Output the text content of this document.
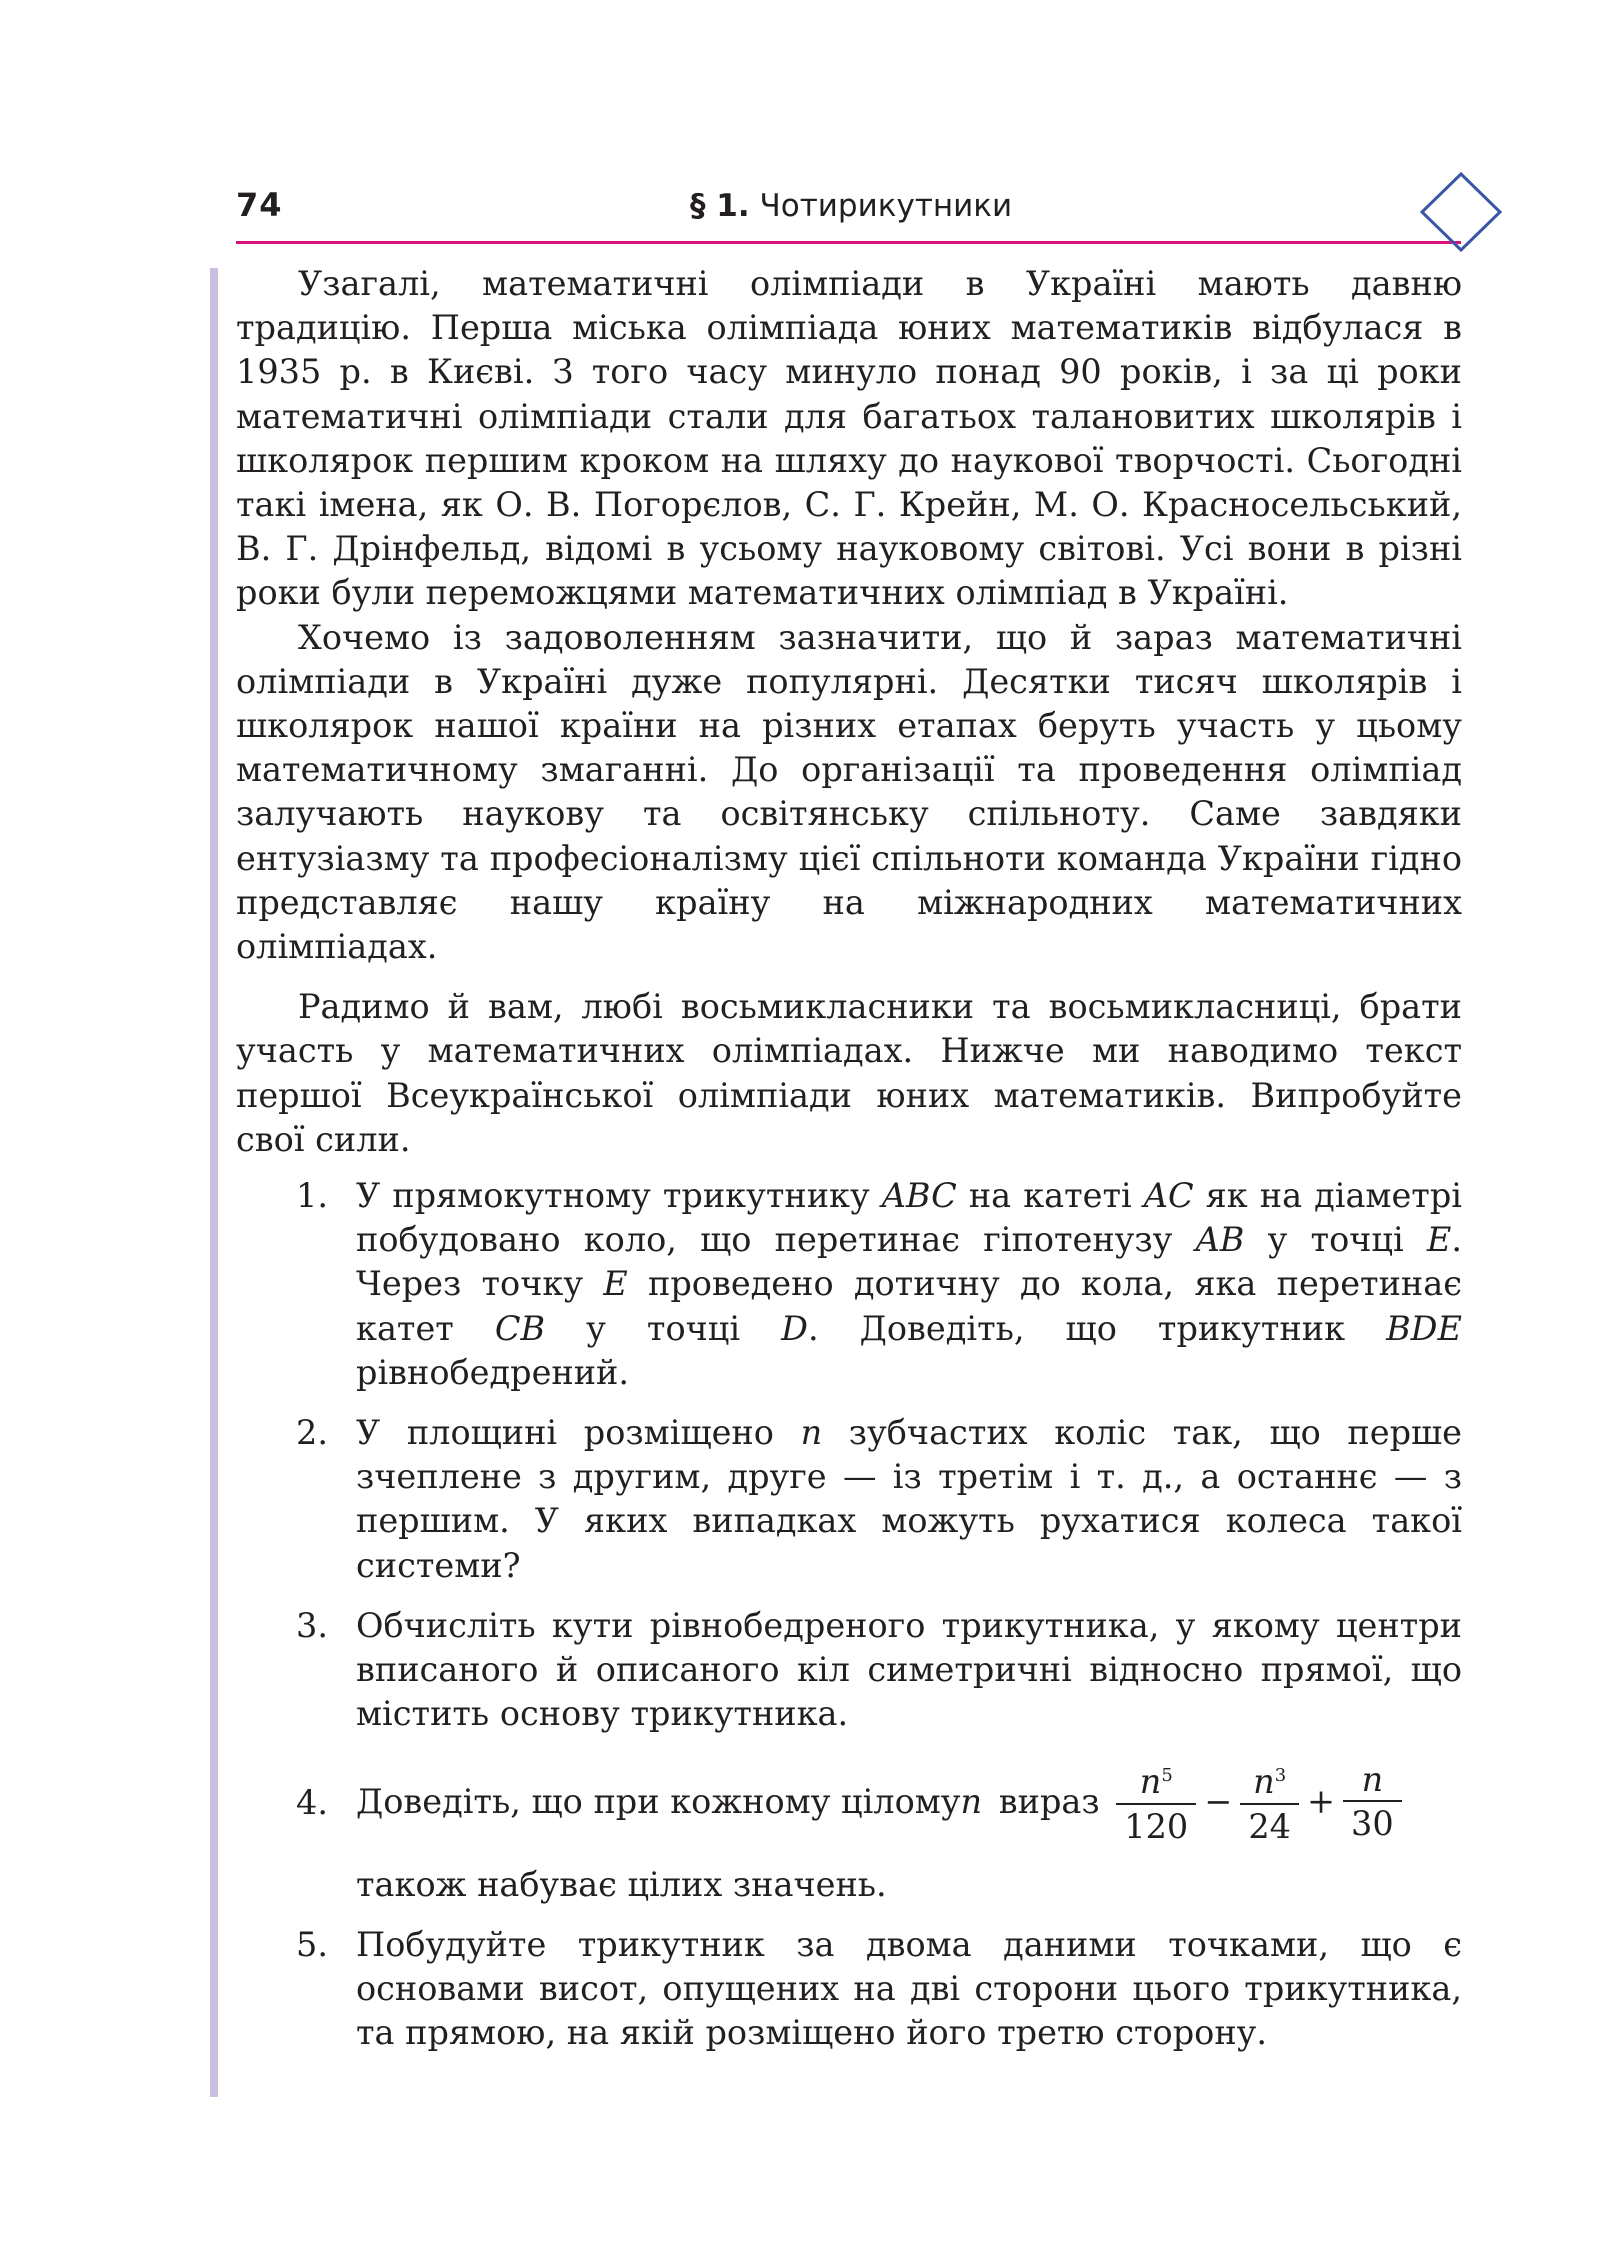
74	§ 1. Чотирикутники

Узагалі, математичні олімпіади в Україні мають давню традицію. Перша міська олімпіада юних математиків відбулася в 1935 р. в Києві. З того часу минуло понад 90 років, і за ці роки математичні олімпіади стали для багатьох талановитих школярів і школярок першим кроком на шляху до наукової творчості. Сьогодні такі імена, як О. В. Погорєлов, С. Г. Крейн, М. О. Красносельський, В. Г. Дрінфельд, відомі в усьому науковому світові. Усі вони в різні роки були переможцями математичних олімпіад в Україні.

Хочемо із задоволенням зазначити, що й зараз математичні олімпіади в Україні дуже популярні. Десятки тисяч школярів і школярок нашої країни на різних етапах беруть участь у цьому математичному змаганні. До організації та проведення олімпіад залучають наукову та освітянську спільноту. Саме завдяки ентузіазму та професіоналізму цієї спільноти команда України гідно представляє нашу країну на міжнародних математичних олімпіадах.

Радимо й вам, любі восьмикласники та восьмикласниці, брати участь у математичних олімпіадах. Нижче ми наводимо текст першої Всеукраїнської олімпіади юних математиків. Випробуйте свої сили.

1. У прямокутному трикутнику ABC на катеті AC як на діаметрі побудовано коло, що перетинає гіпотенузу AB у точці E. Через точку E проведено дотичну до кола, яка перетинає катет CB у точці D. Доведіть, що трикутник BDE рівнобедрений.
2. У площині розміщено n зубчастих коліс так, що перше зчеплене з другим, друге — із третім і т. д., а останнє — з першим. У яких випадках можуть рухатися колеса такої системи?
3. Обчисліть кути рівнобедреного трикутника, у якому центри вписаного й описаного кіл симетричні відносно прямої, що містить основу трикутника.
4. Доведіть, що при кожному цілому n вираз $\frac{n^5}{120} - \frac{n^3}{24} + \frac{n}{30}$
також набуває цілих значень.
5. Побудуйте трикутник за двома даними точками, що є основами висот, опущених на дві сторони цього трикутника, та прямою, на якій розміщено його третю сторону.
